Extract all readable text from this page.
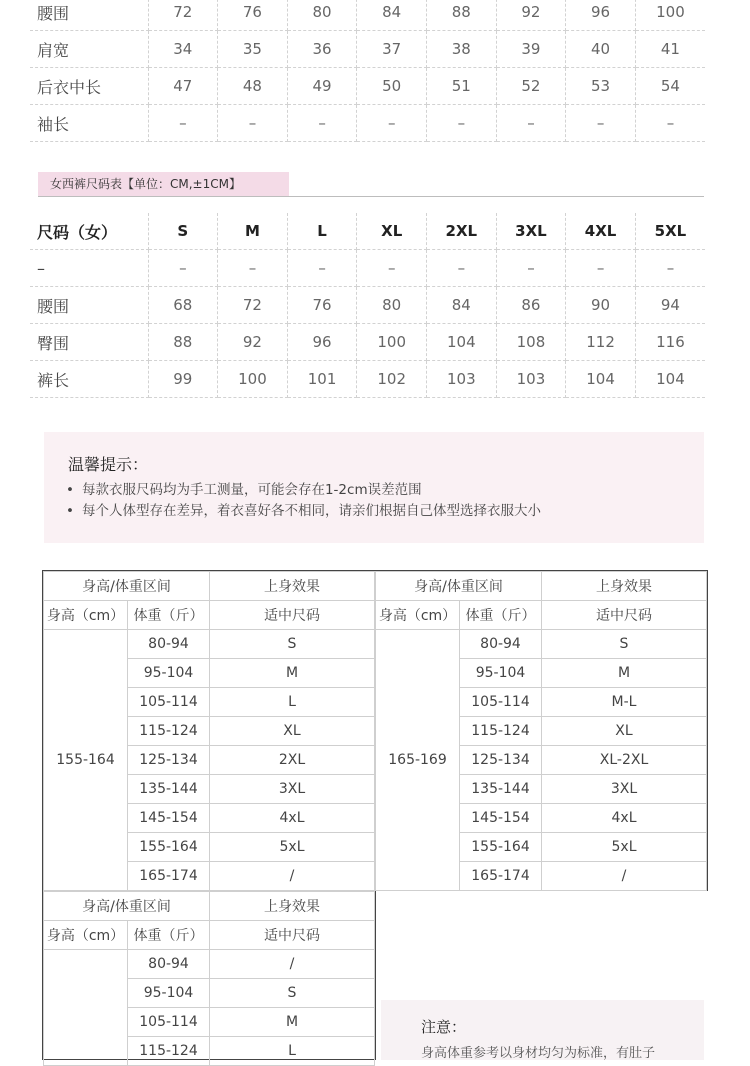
腰围	72	76	80	84	88	92	96	100
肩宽	34	35	36	37	38	39	40	41
后衣中长	47	48	49	50	51	52	53	54
袖长	–	–	–	–	–	–	–	–
女西裤尺码表【单位：CM,±1CM】
尺码（女）	S	M	L	XL	2XL	3XL	4XL	5XL
–	–	–	–	–	–	–	–	–
腰围	68	72	76	80	84	86	90	94
臀围	88	92	96	100	104	108	112	116
裤长	99	100	101	102	103	103	104	104
温馨提示：
• 每款衣服尺码均为手工测量，可能会存在1-2cm误差范围
• 每个人体型存在差异，着衣喜好各不相同，请亲们根据自己体型选择衣服大小
身高/体重区间		上身效果
身高（cm）	体重（斤）	适中尺码
155-164	80-94	S
	95-104	M
	105-114	L
	115-124	XL
	125-134	2XL
	135-144	3XL
	145-154	4xL
	155-164	5xL
	165-174	/
身高/体重区间		上身效果
身高（cm）	体重（斤）	适中尺码
165-169	80-94	S
	95-104	M
	105-114	M-L
	115-124	XL
	125-134	XL-2XL
	135-144	3XL
	145-154	4xL
	155-164	5xL
	165-174	/
身高/体重区间		上身效果
身高（cm）	体重（斤）	适中尺码
	80-94	/
	95-104	S
	105-114	M
	115-124	L
注意：
身高体重参考以身材均匀为标准，有肚子
